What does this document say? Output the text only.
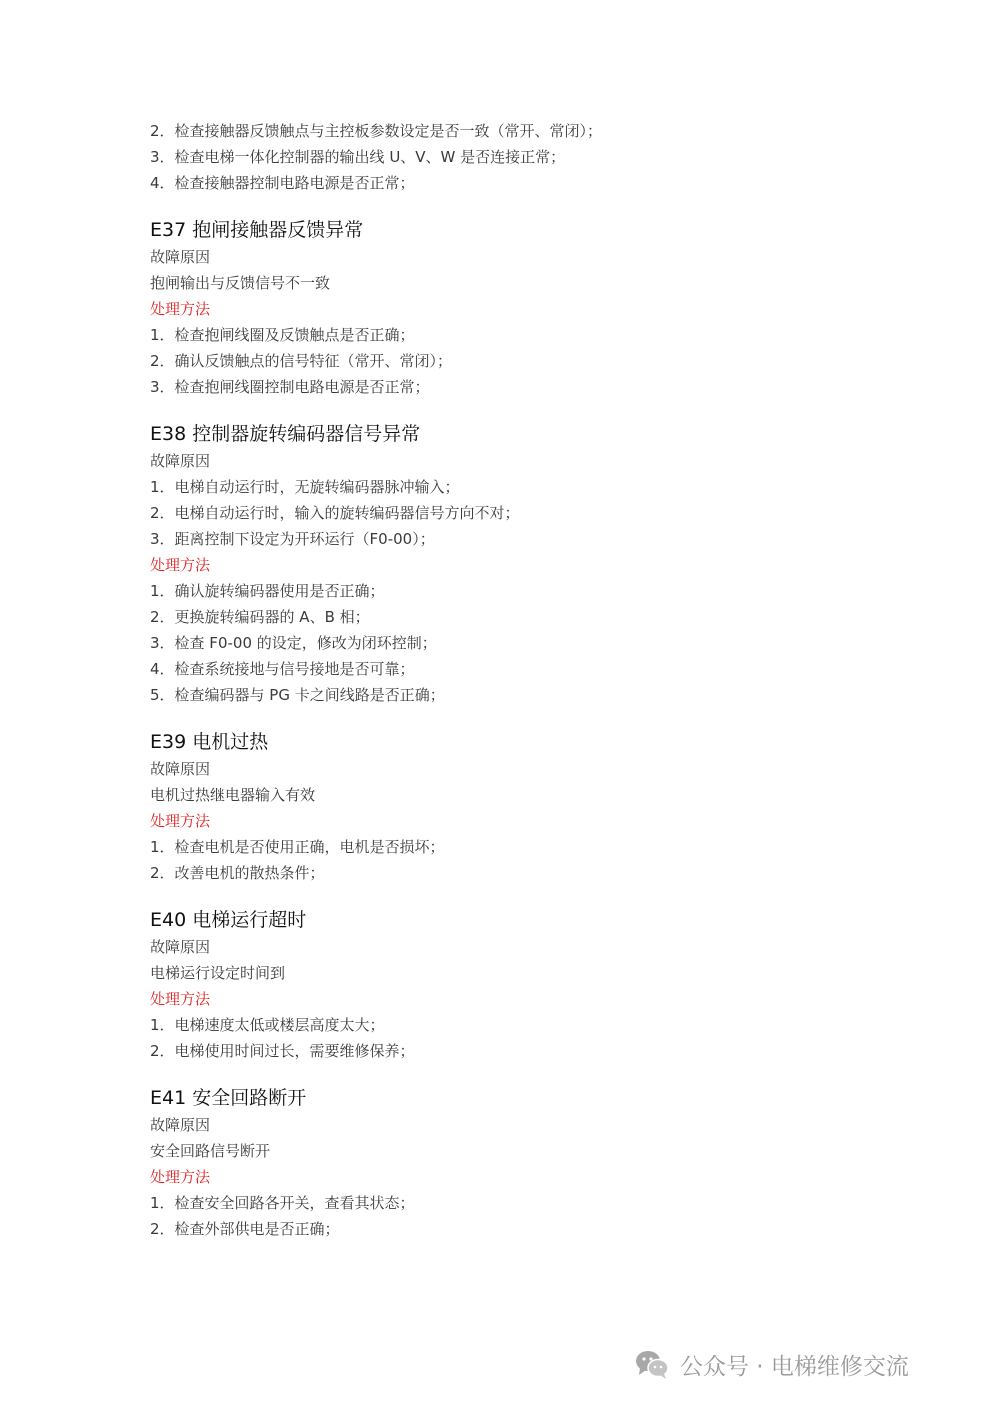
2．检查接触器反馈触点与主控板参数设定是否一致（常开、常闭）；
3．检查电梯一体化控制器的输出线 U、V、W 是否连接正常；
4．检查接触器控制电路电源是否正常；
E37 抱闸接触器反馈异常
故障原因
抱闸输出与反馈信号不一致
处理方法
1．检查抱闸线圈及反馈触点是否正确；
2．确认反馈触点的信号特征（常开、常闭）；
3．检查抱闸线圈控制电路电源是否正常；
E38 控制器旋转编码器信号异常
故障原因
1．电梯自动运行时，无旋转编码器脉冲输入；
2．电梯自动运行时，输入的旋转编码器信号方向不对；
3．距离控制下设定为开环运行（F0-00）；
处理方法
1．确认旋转编码器使用是否正确；
2．更换旋转编码器的 A、B 相；
3．检查 F0-00 的设定，修改为闭环控制；
4．检查系统接地与信号接地是否可靠；
5．检查编码器与 PG 卡之间线路是否正确；
E39 电机过热
故障原因
电机过热继电器输入有效
处理方法
1．检查电机是否使用正确，电机是否损坏；
2．改善电机的散热条件；
E40 电梯运行超时
故障原因
电梯运行设定时间到
处理方法
1．电梯速度太低或楼层高度太大；
2．电梯使用时间过长，需要维修保养；
E41 安全回路断开
故障原因
安全回路信号断开
处理方法
1．检查安全回路各开关，查看其状态；
2．检查外部供电是否正确；
公众号 · 电梯维修交流
